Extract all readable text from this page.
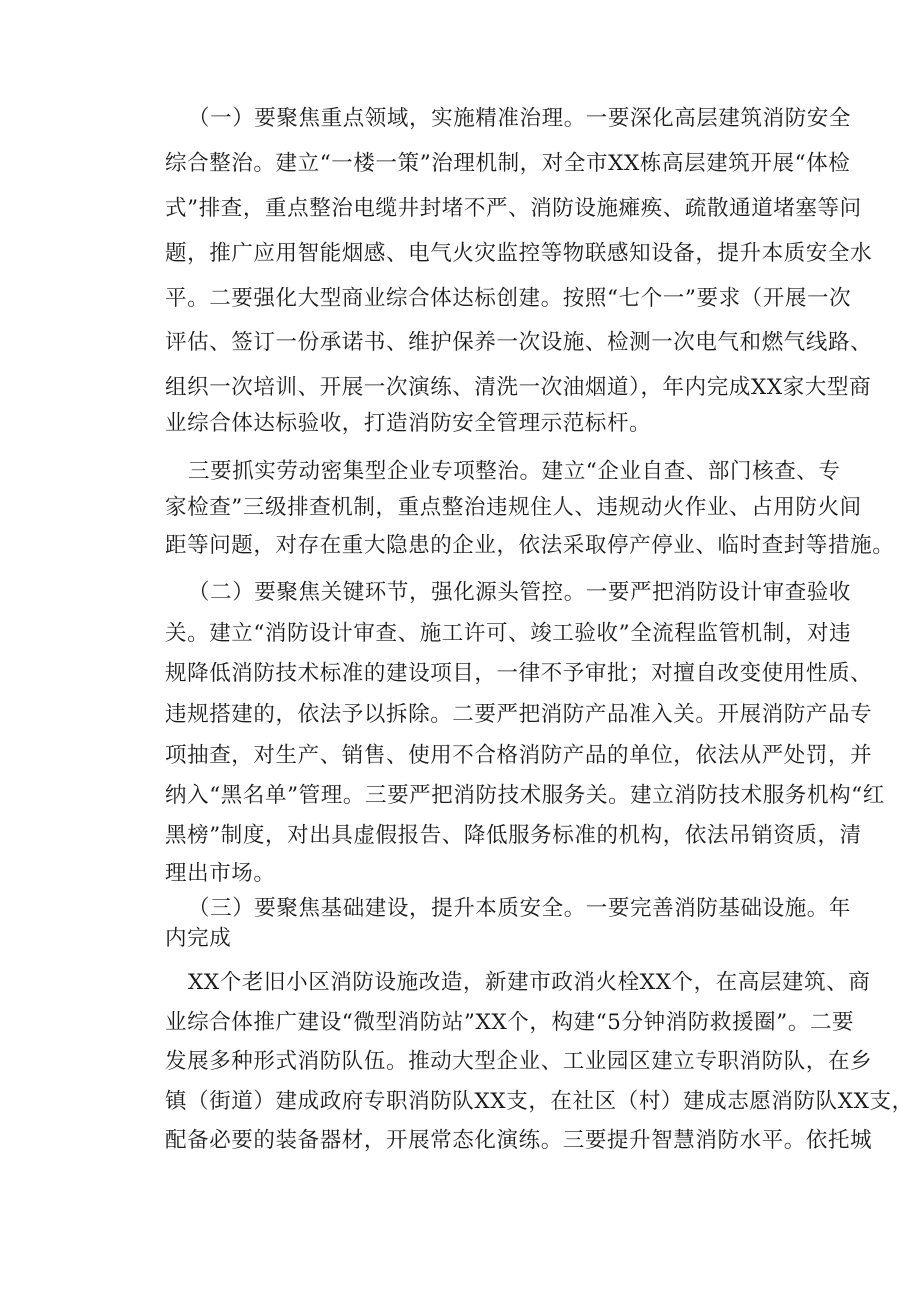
（一）要聚焦重点领域，实施精准治理。一要深化高层建筑消防安全
综合整治。建立“一楼一策”治理机制，对全市XX栋高层建筑开展“体检
式”排查，重点整治电缆井封堵不严、消防设施瘫痪、疏散通道堵塞等问
题，推广应用智能烟感、电气火灾监控等物联感知设备，提升本质安全水
平。二要强化大型商业综合体达标创建。按照“七个一”要求（开展一次
评估、签订一份承诺书、维护保养一次设施、检测一次电气和燃气线路、
组织一次培训、开展一次演练、清洗一次油烟道），年内完成XX家大型商
业综合体达标验收，打造消防安全管理示范标杆。
三要抓实劳动密集型企业专项整治。建立“企业自查、部门核查、专
家检查”三级排查机制，重点整治违规住人、违规动火作业、占用防火间
距等问题，对存在重大隐患的企业，依法采取停产停业、临时查封等措施。
（二）要聚焦关键环节，强化源头管控。一要严把消防设计审查验收
关。建立“消防设计审查、施工许可、竣工验收”全流程监管机制，对违
规降低消防技术标准的建设项目，一律不予审批；对擅自改变使用性质、
违规搭建的，依法予以拆除。二要严把消防产品准入关。开展消防产品专
项抽查，对生产、销售、使用不合格消防产品的单位，依法从严处罚，并
纳入“黑名单”管理。三要严把消防技术服务关。建立消防技术服务机构“红
黑榜”制度，对出具虚假报告、降低服务标准的机构，依法吊销资质，清
理出市场。
（三）要聚焦基础建设，提升本质安全。一要完善消防基础设施。年
内完成
XX个老旧小区消防设施改造，新建市政消火栓XX个，在高层建筑、商
业综合体推广建设“微型消防站”XX个，构建“5分钟消防救援圈”。二要
发展多种形式消防队伍。推动大型企业、工业园区建立专职消防队，在乡
镇（街道）建成政府专职消防队XX支，在社区（村）建成志愿消防队XX支，
配备必要的装备器材，开展常态化演练。三要提升智慧消防水平。依托城
